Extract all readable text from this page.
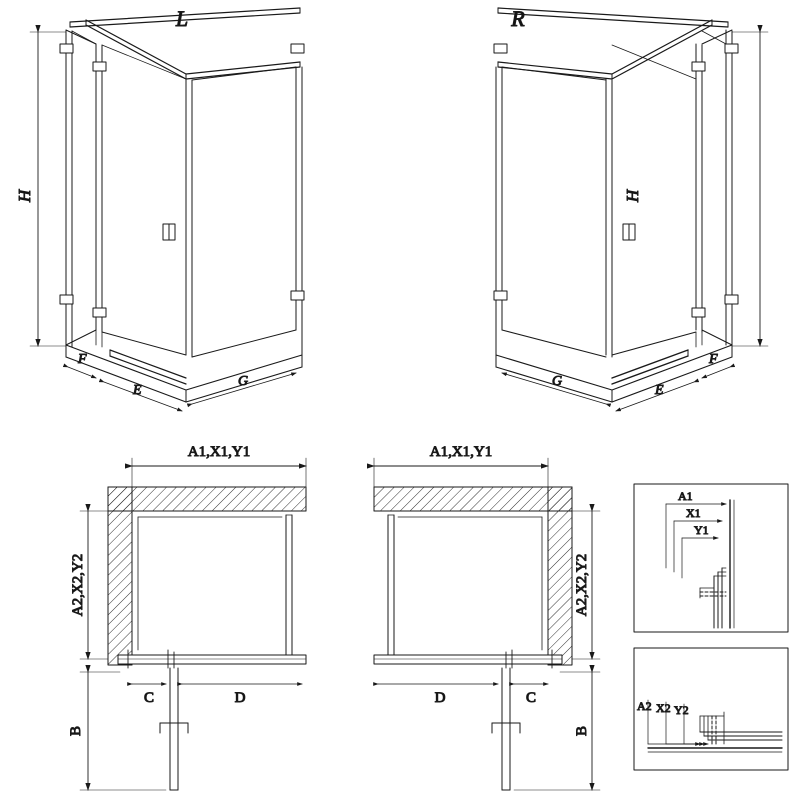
H
F
E
G
L
H
F
E
G
R
A1,X1,Y1
A2,X2,Y2
C	D
B
A1,X1,Y1
A2,X2,Y2
D	C
B
A1
X1
Y1
A2 X2 Y2
